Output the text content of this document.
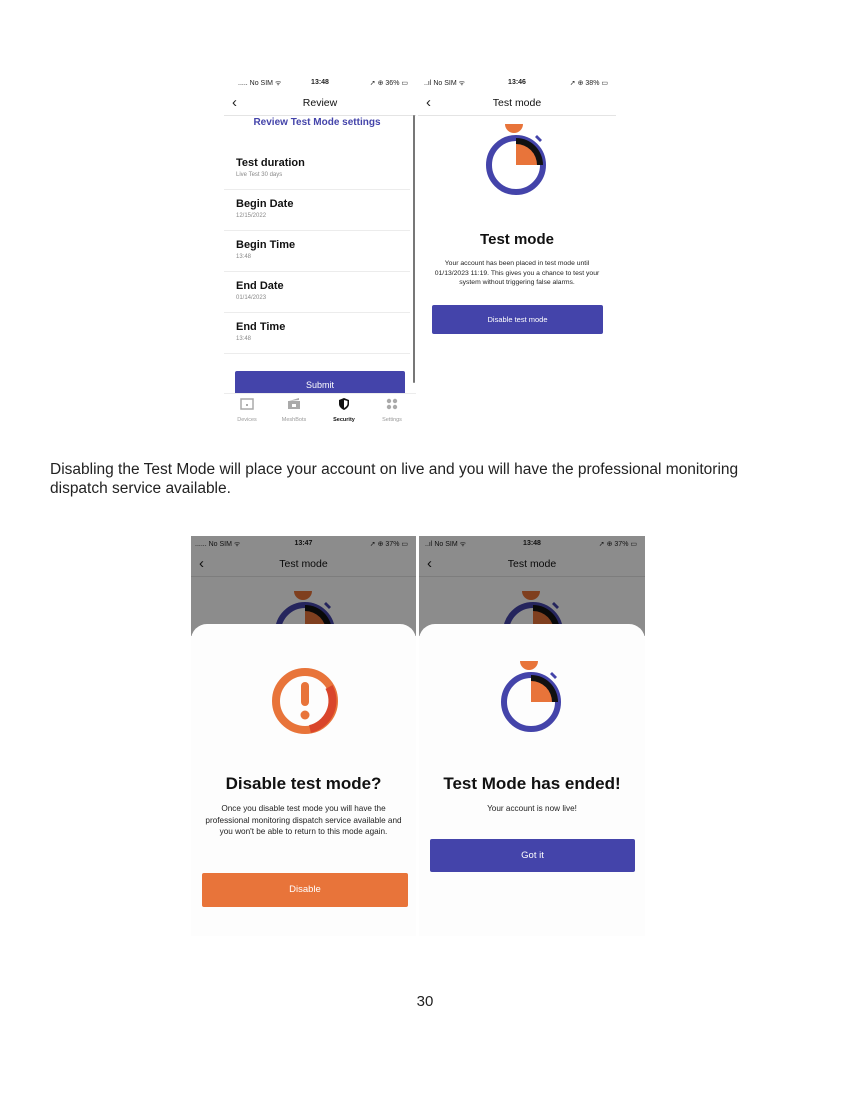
..... No SIM ᯤ	13:48	➚ ⊕ 36% ▭
‹	Review
Review Test Mode settings
Test duration
Live Test 30 days
Begin Date
12/15/2022
Begin Time
13:48
End Date
01/14/2023
End Time
13:48
Submit
Devices	MeshBots	Security	Settings
..ıl No SIM ᯤ	13:46	➚ ⊕ 38% ▭
‹	Test mode
Test mode
Your account has been placed in test mode until 01/13/2023 11:19. This gives you a chance to test your system without triggering false alarms.
Disable test mode
Disabling the Test Mode will place your account on live and you will have the professional monitoring dispatch service available.
...... No SIM ᯤ	13:47	➚ ⊕ 37% ▭
‹	Test mode
Disable test mode?
Once you disable test mode you will have the professional monitoring dispatch service available and you won't be able to return to this mode again.
Disable
..ıl No SIM ᯤ	13:48	➚ ⊕ 37% ▭
‹	Test mode
Test Mode has ended!
Your account is now live!
Got it
30
